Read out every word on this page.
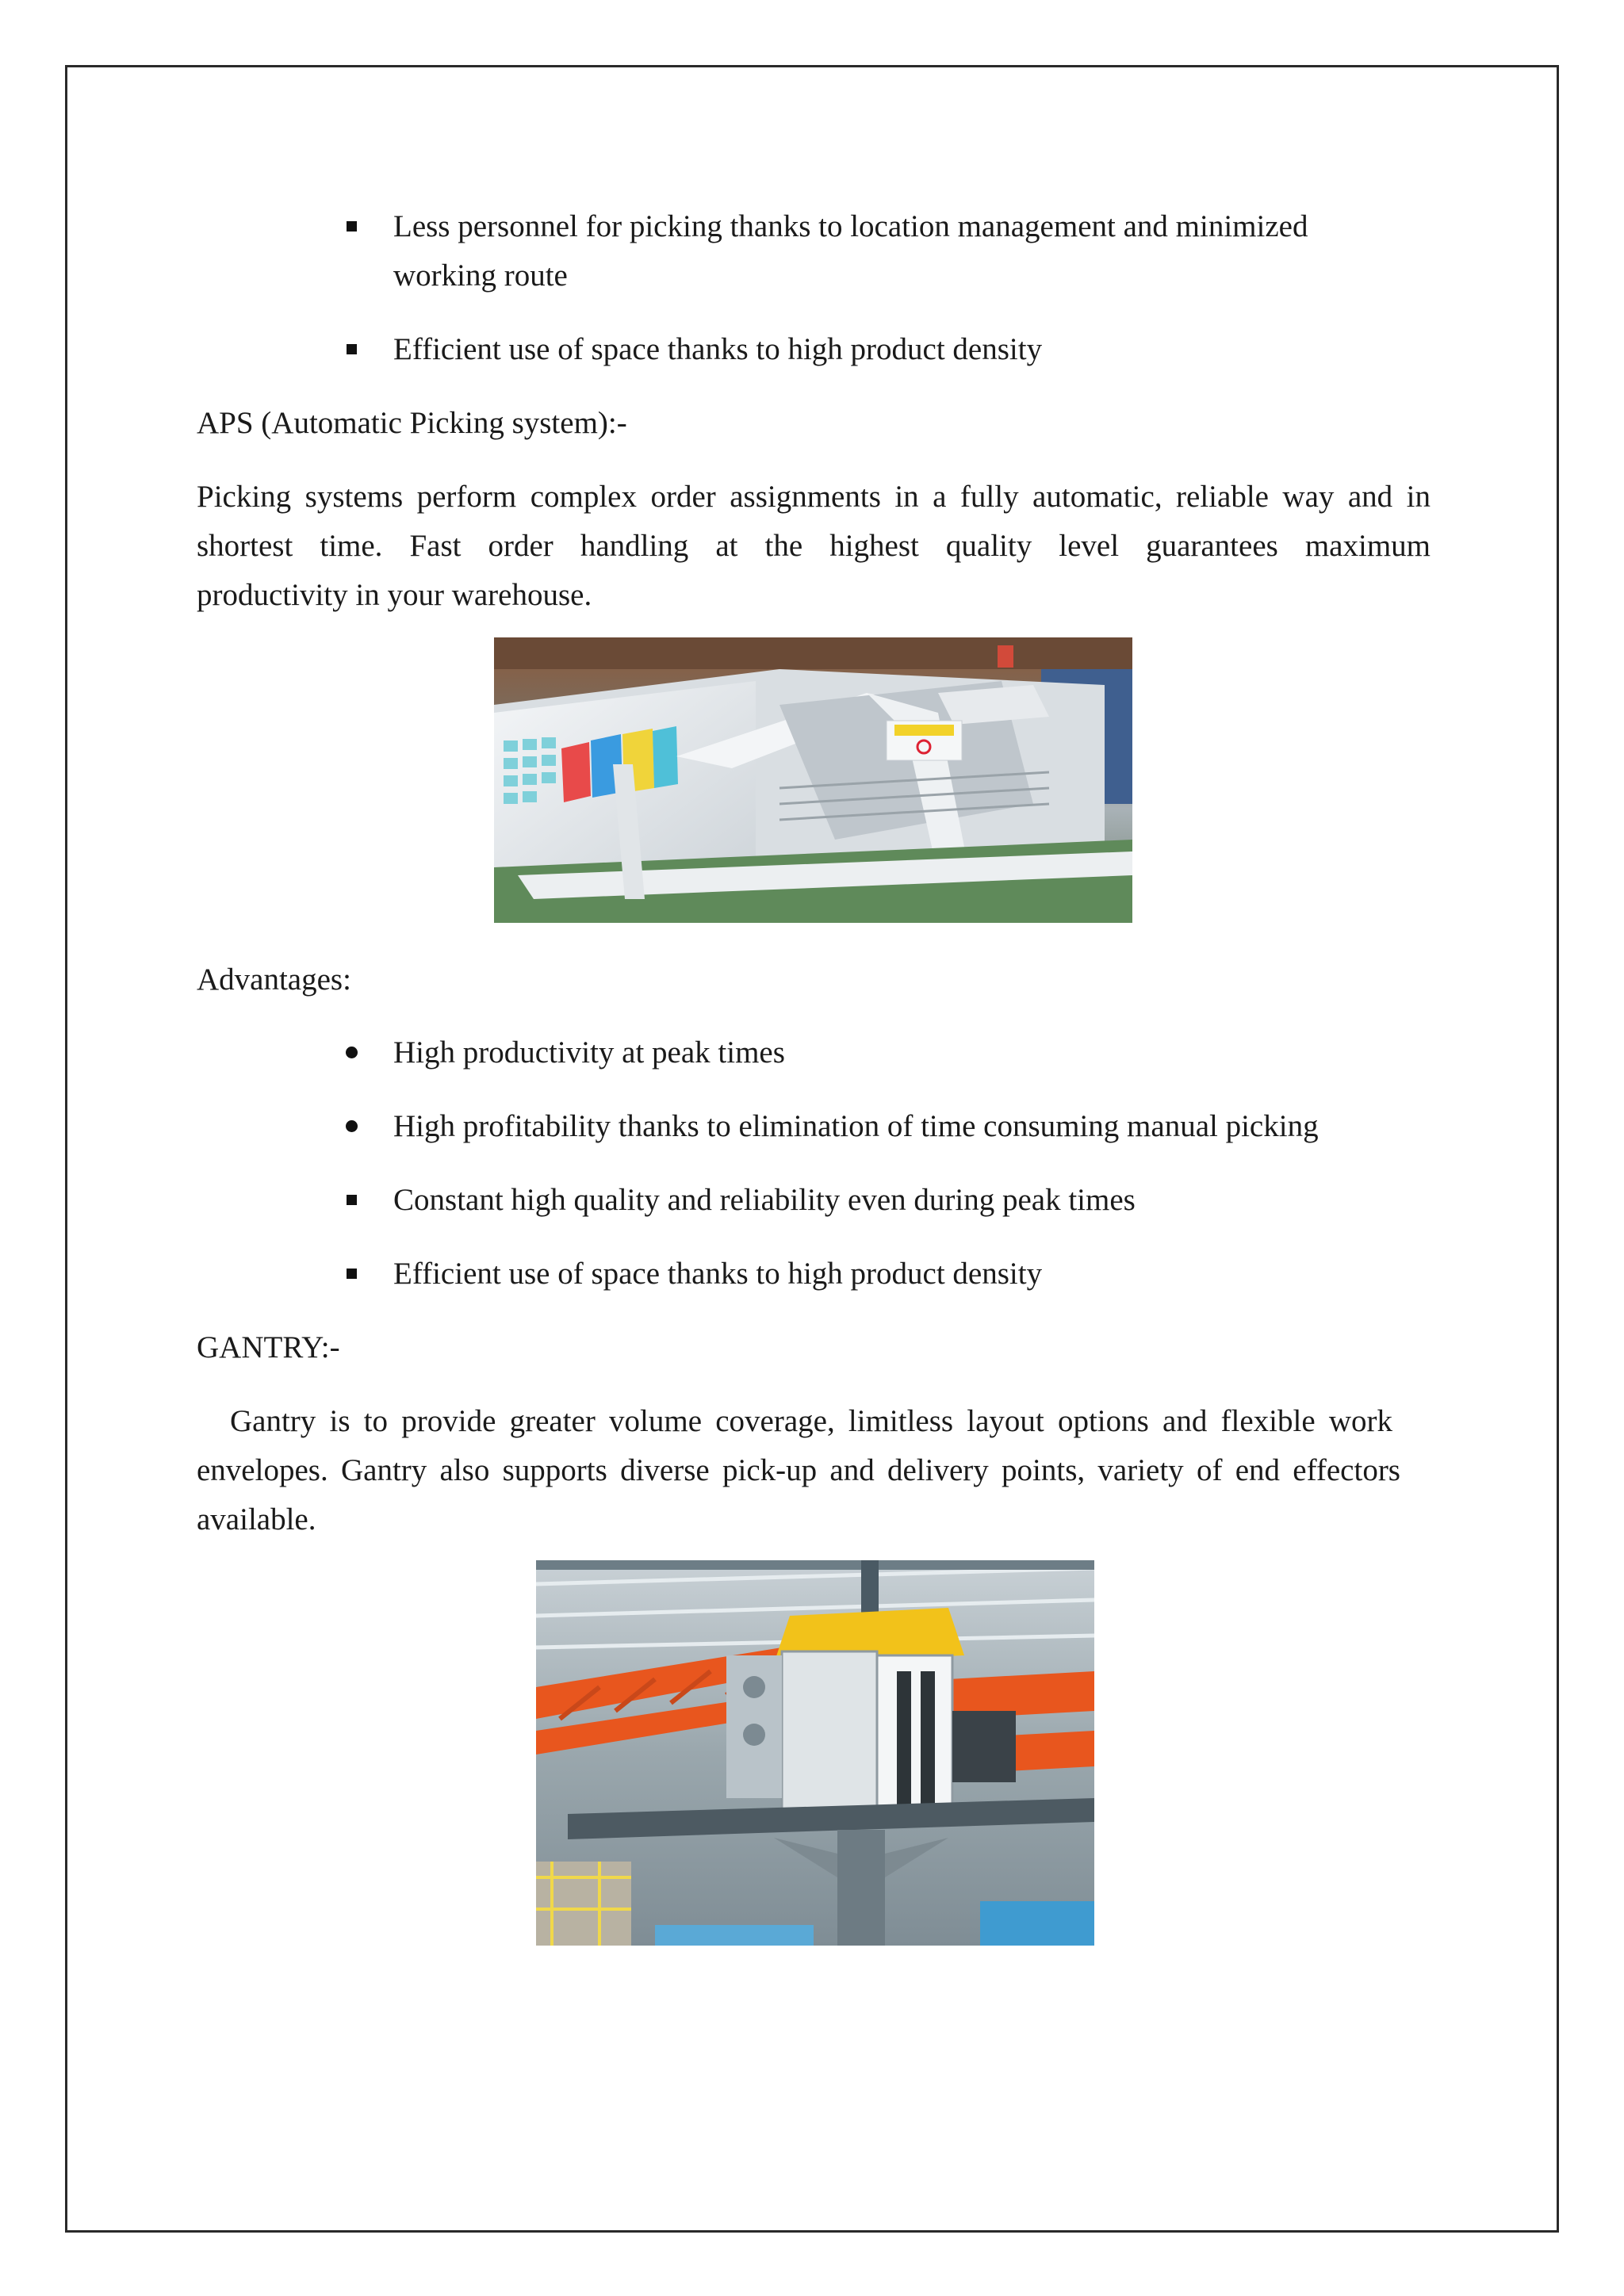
Less personnel for picking thanks to location management and minimized
working route
Efficient use of space thanks to high product density
APS (Automatic Picking system):-
Picking systems perform complex order assignments in a fully automatic, reliable way and in
shortest time. Fast order handling at the highest quality level guarantees maximum
productivity in your warehouse.
Advantages:
High productivity at peak times
High profitability thanks to elimination of time consuming manual picking
Constant high quality and reliability even during peak times
Efficient use of space thanks to high product density
GANTRY:-
Gantry is to provide greater volume coverage, limitless layout options and flexible work
envelopes. Gantry also supports diverse pick-up and delivery points, variety of end effectors
available.
